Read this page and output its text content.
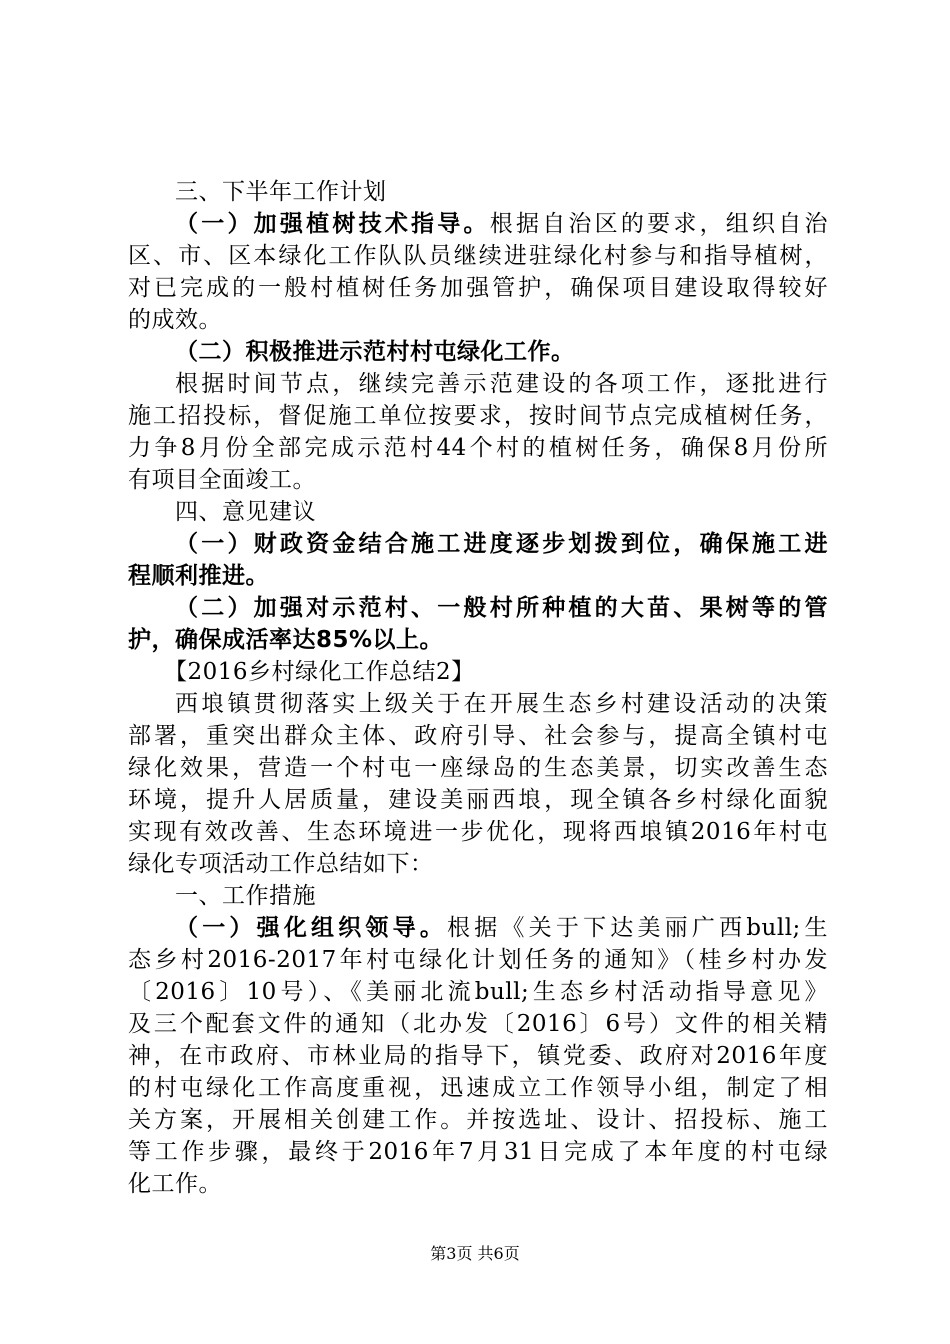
三、下半年工作计划
（一）加强植树技术指导。根据自治区的要求，组织自治
区、市、区本绿化工作队队员继续进驻绿化村参与和指导植树，
对已完成的一般村植树任务加强管护，确保项目建设取得较好
的成效。
（二）积极推进示范村村屯绿化工作。
根据时间节点，继续完善示范建设的各项工作，逐批进行
施工招投标，督促施工单位按要求，按时间节点完成植树任务，
力争8月份全部完成示范村44个村的植树任务，确保8月份所
有项目全面竣工。
四、意见建议
（一）财政资金结合施工进度逐步划拨到位，确保施工进
程顺利推进。
（二）加强对示范村、一般村所种植的大苗、果树等的管
护，确保成活率达85%以上。
【2016乡村绿化工作总结2】
西埌镇贯彻落实上级关于在开展生态乡村建设活动的决策
部署，重突出群众主体、政府引导、社会参与，提高全镇村屯
绿化效果，营造一个村屯一座绿岛的生态美景，切实改善生态
环境，提升人居质量，建设美丽西埌，现全镇各乡村绿化面貌
实现有效改善、生态环境进一步优化，现将西埌镇2016年村屯
绿化专项活动工作总结如下：
一、工作措施
（一）强化组织领导。根据《关于下达美丽广西bull;生
态乡村2016-2017年村屯绿化计划任务的通知》（桂乡村办发
〔2016〕10号）、《美丽北流bull;生态乡村活动指导意见》
及三个配套文件的通知（北办发〔2016〕6号）文件的相关精
神，在市政府、市林业局的指导下，镇党委、政府对2016年度
的村屯绿化工作高度重视，迅速成立工作领导小组，制定了相
关方案，开展相关创建工作。并按选址、设计、招投标、施工
等工作步骤，最终于2016年7月31日完成了本年度的村屯绿
化工作。
第3页 共6页
